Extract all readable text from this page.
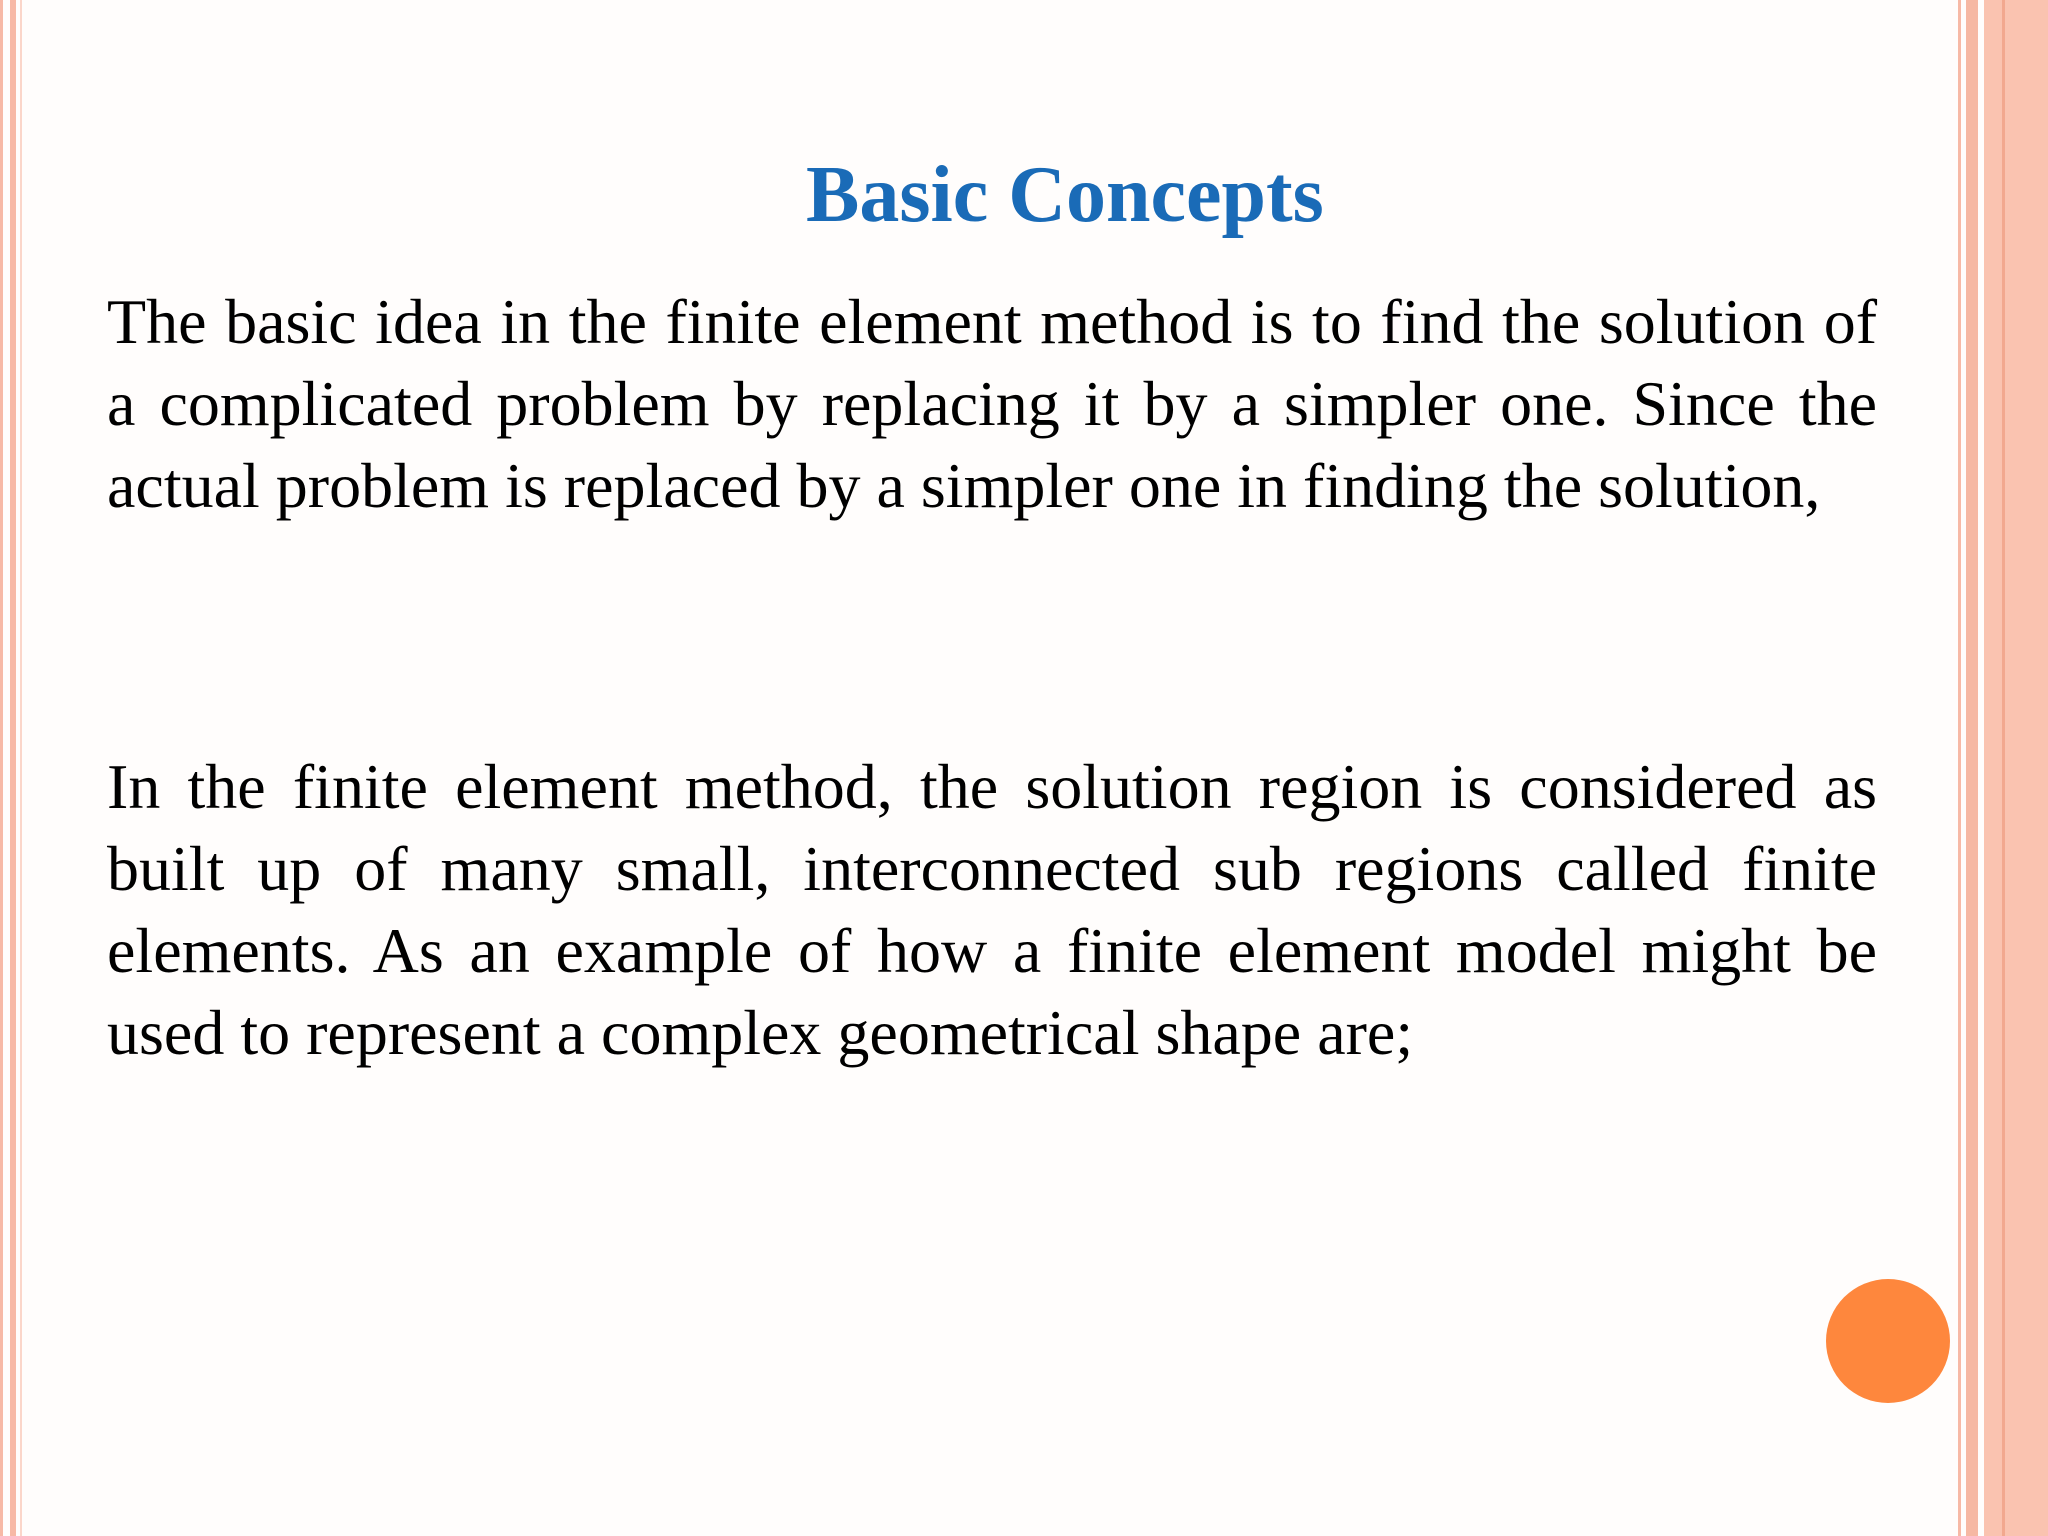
Basic Concepts

The basic idea in the finite element method is to find the solution of a complicated problem by replacing it by a simpler one. Since the actual problem is replaced by a simpler one in finding the solution,

In the finite element method, the solution region is considered as built up of many small, interconnected sub regions called finite elements. As an example of how a finite element model might be used to represent a complex geometrical shape are;
